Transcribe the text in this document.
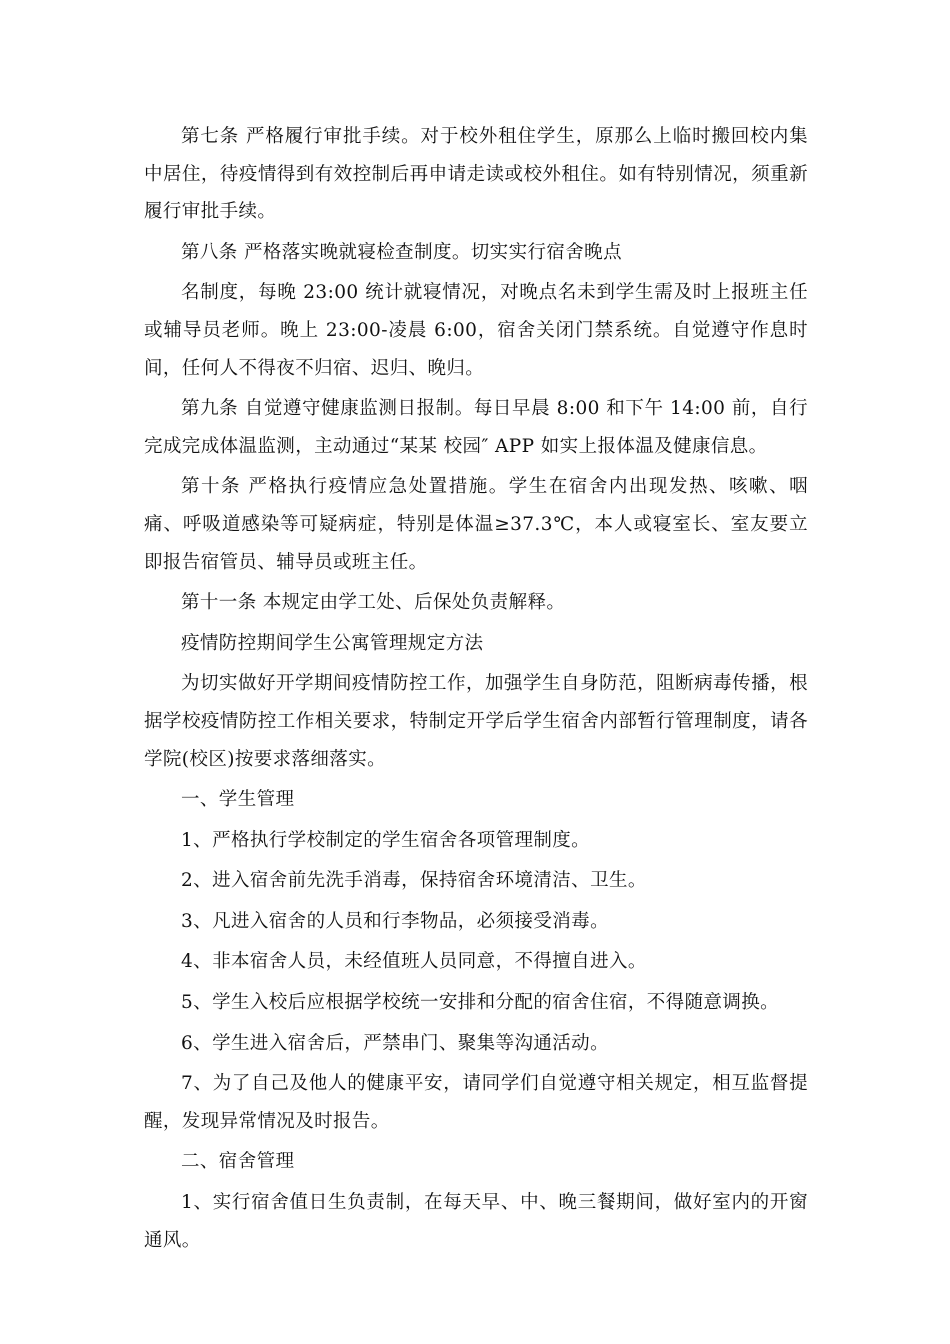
第七条 严格履行审批手续。对于校外租住学生，原那么上临时搬回校内集中居住，待疫情得到有效控制后再申请走读或校外租住。如有特别情况，须重新履行审批手续。

第八条 严格落实晚就寝检查制度。切实实行宿舍晚点

名制度，每晚 23:00 统计就寝情况，对晚点名未到学生需及时上报班主任或辅导员老师。晚上 23:00-凌晨 6:00，宿舍关闭门禁系统。自觉遵守作息时间，任何人不得夜不归宿、迟归、晚归。

第九条 自觉遵守健康监测日报制。每日早晨 8:00 和下午 14:00 前，自行完成完成体温监测，主动通过“某某 校园″ APP 如实上报体温及健康信息。

第十条 严格执行疫情应急处置措施。学生在宿舍内出现发热、咳嗽、咽痛、呼吸道感染等可疑病症，特别是体温≥37.3℃，本人或寝室长、室友要立即报告宿管员、辅导员或班主任。

第十一条 本规定由学工处、后保处负责解释。

疫情防控期间学生公寓管理规定方法

为切实做好开学期间疫情防控工作，加强学生自身防范，阻断病毒传播，根据学校疫情防控工作相关要求，特制定开学后学生宿舍内部暂行管理制度，请各学院(校区)按要求落细落实。

一、学生管理

1、严格执行学校制定的学生宿舍各项管理制度。

2、进入宿舍前先洗手消毒，保持宿舍环境清洁、卫生。

3、凡进入宿舍的人员和行李物品，必须接受消毒。

4、非本宿舍人员，未经值班人员同意，不得擅自进入。

5、学生入校后应根据学校统一安排和分配的宿舍住宿，不得随意调换。

6、学生进入宿舍后，严禁串门、聚集等沟通活动。

7、为了自己及他人的健康平安，请同学们自觉遵守相关规定，相互监督提醒，发现异常情况及时报告。

二、宿舍管理

1、实行宿舍值日生负责制，在每天早、中、晚三餐期间，做好室内的开窗通风。
